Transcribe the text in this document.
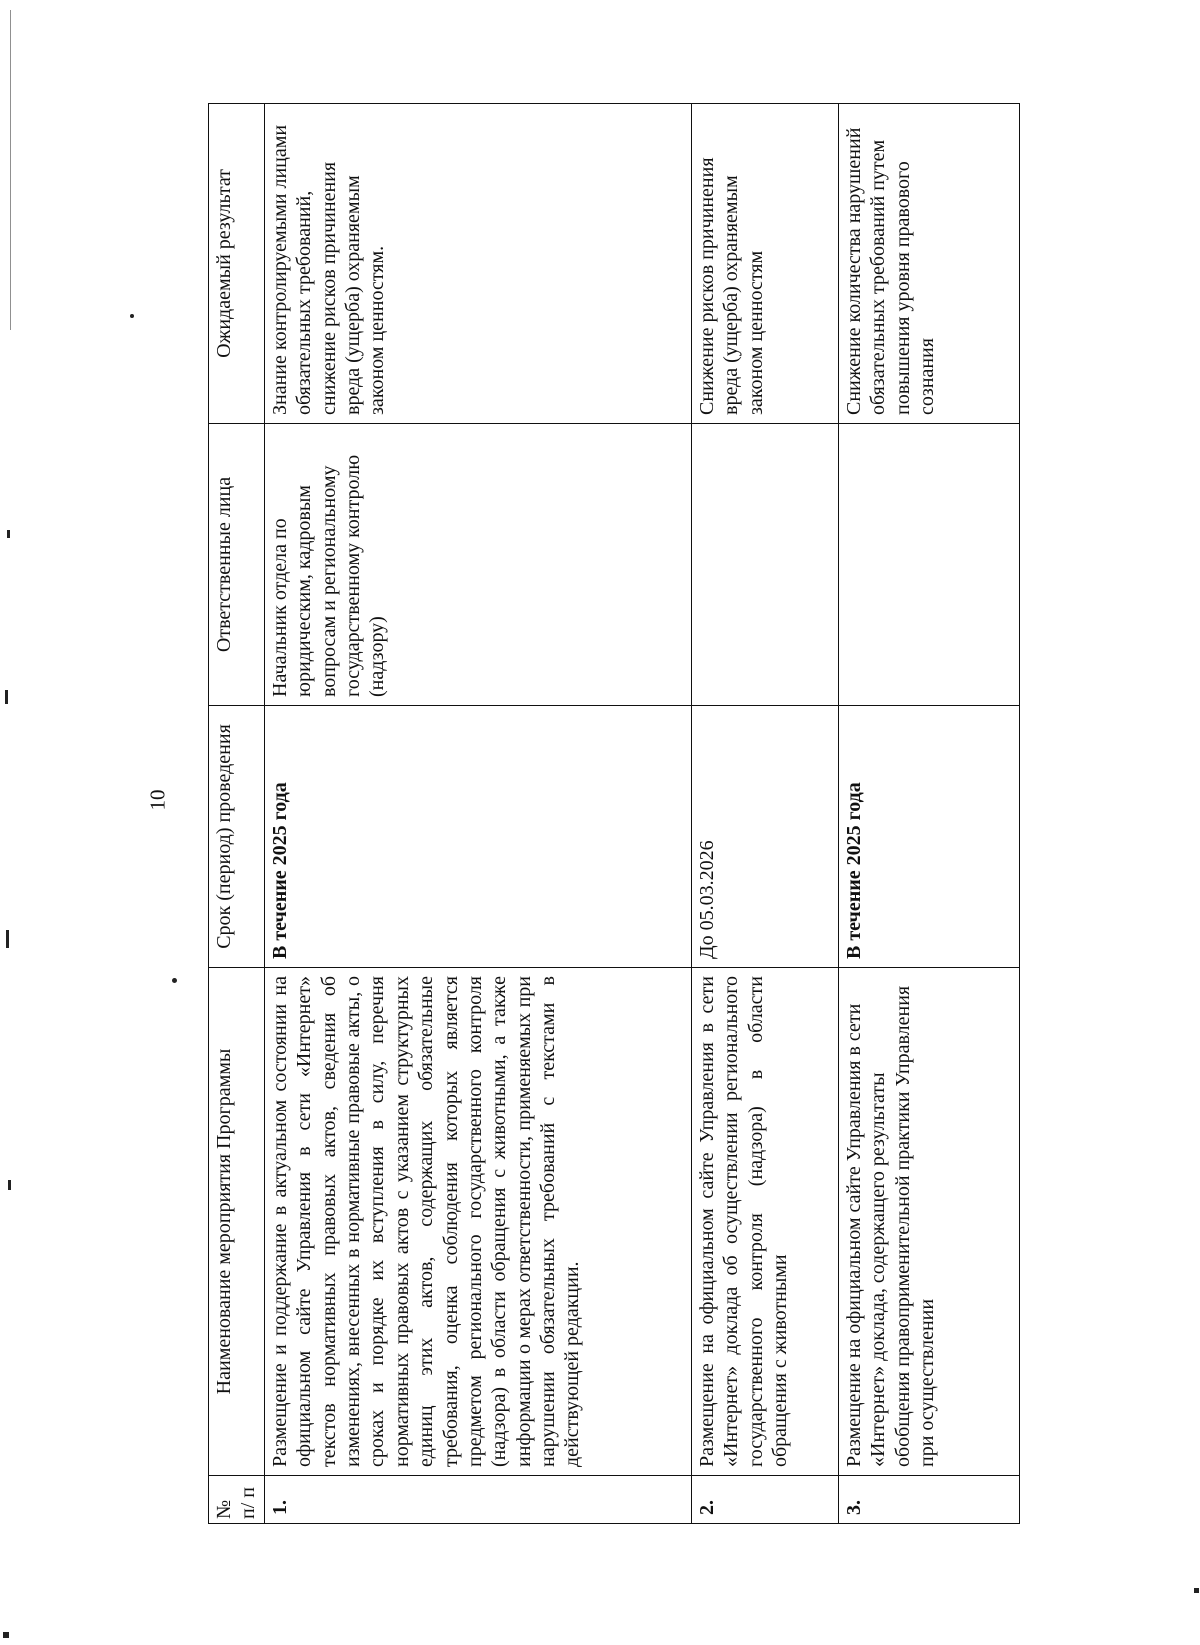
10
№ п/ п	Наименование мероприятия Программы	Срок (период) проведения	Ответственные лица	Ожидаемый результат
1.	Размещение и поддержание в актуальном состоянии на официальном сайте Управления в сети «Интернет» текстов нормативных правовых актов, сведения об изменениях, внесенных в нормативные правовые акты, о сроках и порядке их вступления в силу, перечня нормативных правовых актов с указанием структурных единиц этих актов, содержащих обязательные требования, оценка соблюдения которых является предметом регионального государственного контроля (надзора) в области обращения с животными, а также информации о мерах ответственности, применяемых при нарушении обязательных требований с текстами в действующей редакции.	В течение 2025 года	Начальник отдела по юридическим, кадровым вопросам и региональному государственному контролю (надзору)	Знание контролируемыми лицами обязательных требований, снижение рисков причинения вреда (ущерба) охраняемым законом ценностям.
2.	Размещение на официальном сайте Управления в сети «Интернет» доклада об осуществлении регионального государственного контроля (надзора) в области обращения с животными	До 05.03.2026		Снижение рисков причинения вреда (ущерба) охраняемым законом ценностям
3.	Размещение на официальном сайте Управления в сети «Интернет» доклада, содержащего результаты обобщения правоприменительной практики Управления при осуществлении	В течение 2025 года		Снижение количества нарушений обязательных требований путем повышения уровня правового сознания
